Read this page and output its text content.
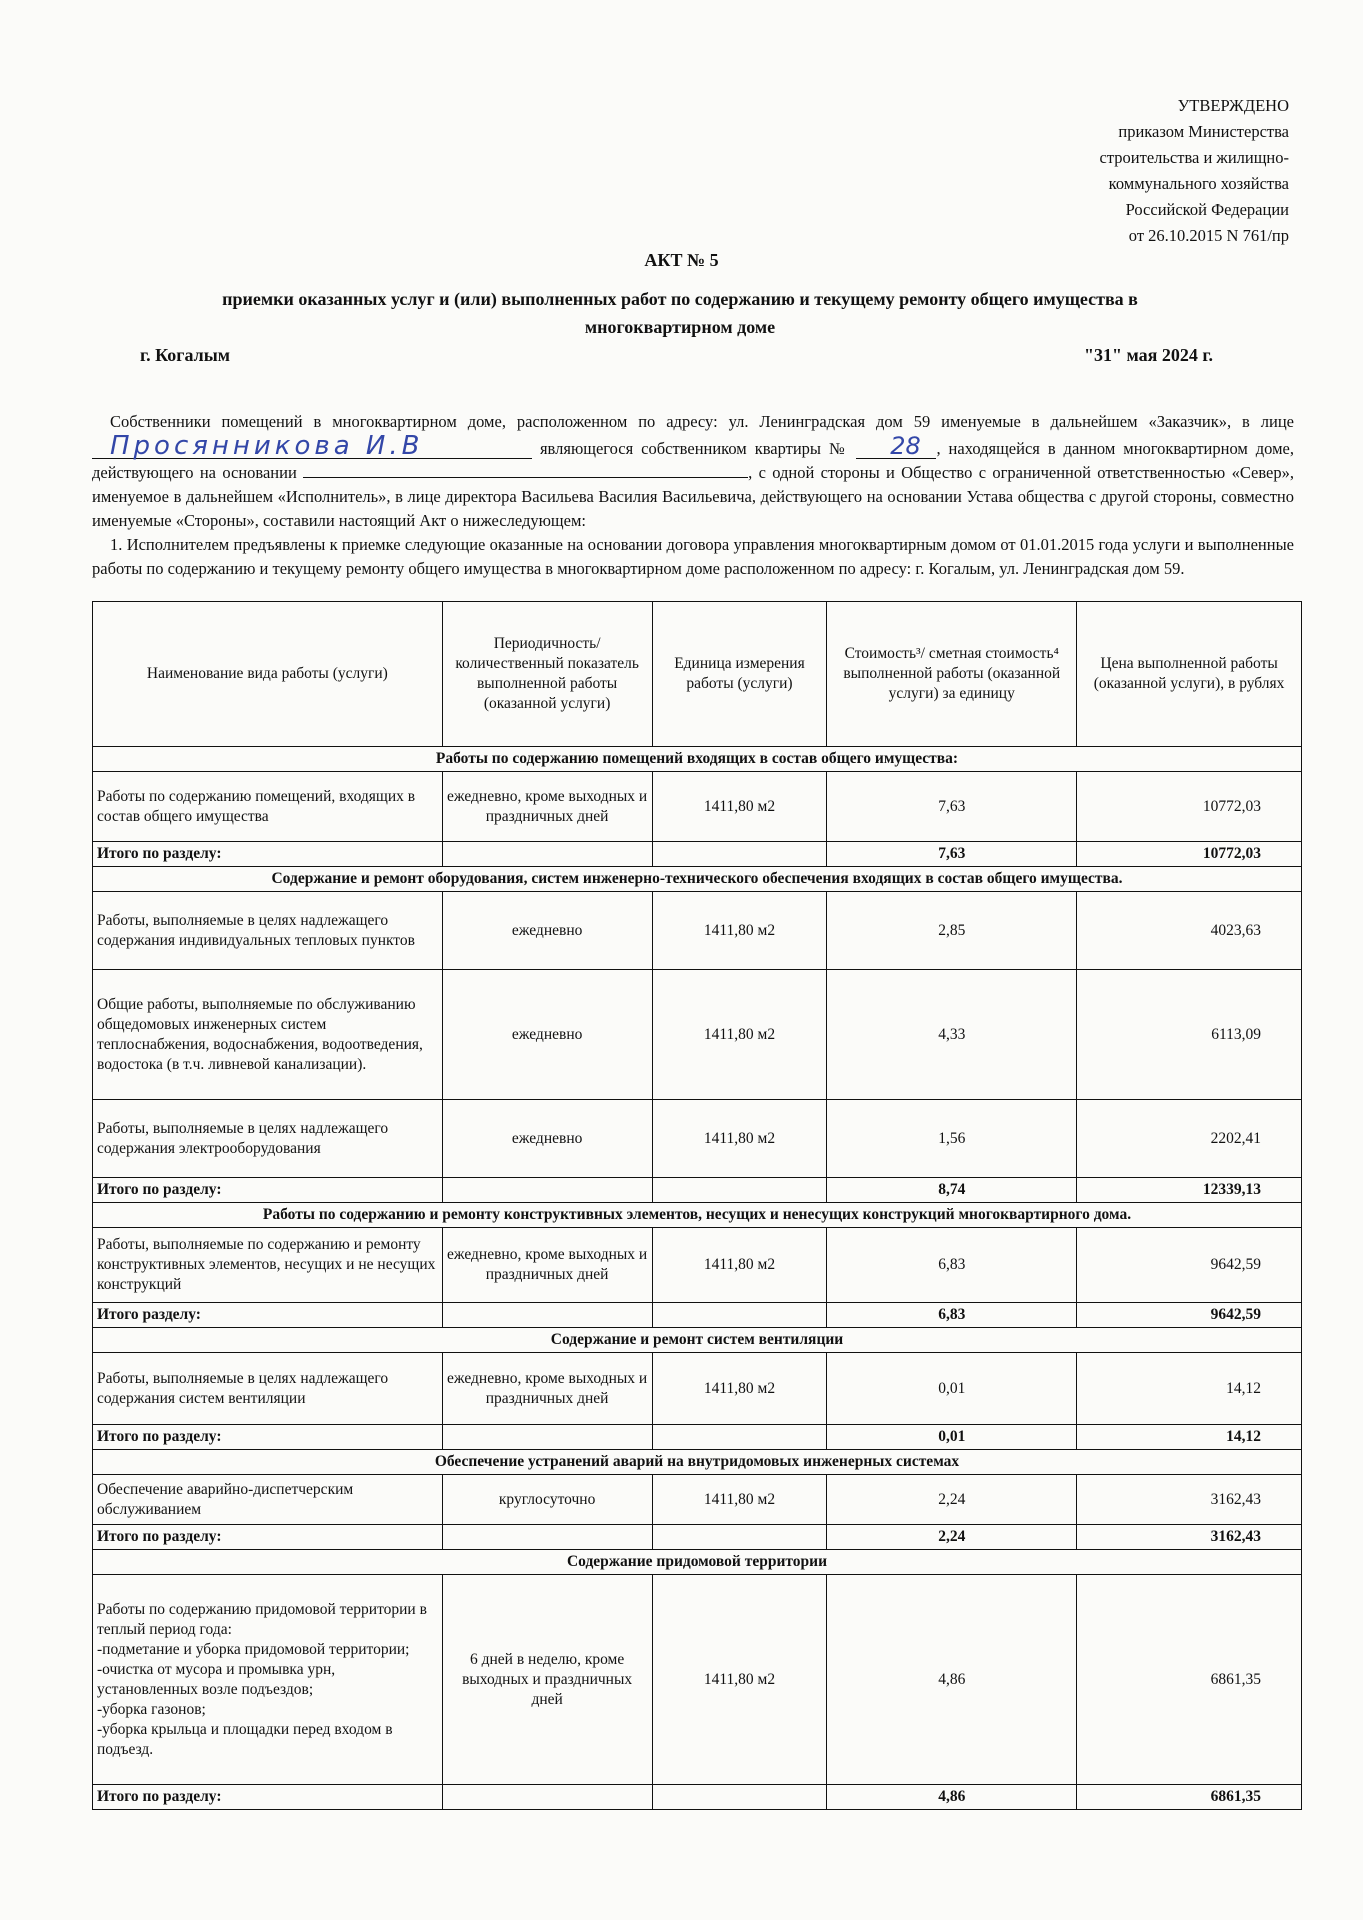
УТВЕРЖДЕНО
приказом Министерства
строительства и жилищно-
коммунального хозяйства
Российской Федерации
от 26.10.2015 N 761/пр
АКТ № 5
приемки оказанных услуг и (или) выполненных работ по содержанию и текущему ремонту общего имущества в многоквартирном доме
г. Когалым	"31" мая 2024 г.

Собственники помещений в многоквартирном доме, расположенном по адресу: ул. Ленинградская дом 59 именуемые в дальнейшем «Заказчик», в лице Просянникова И.В	являющегося собственником квартиры № 28 , находящейся в данном многоквартирном доме, действующего на основании	, с одной стороны и Общество с ограниченной ответственностью «Север», именуемое в дальнейшем «Исполнитель», в лице директора Васильева Василия Васильевича, действующего на основании Устава общества с другой стороны, совместно именуемые «Стороны», составили настоящий Акт о нижеследующем:

1. Исполнителем предъявлены к приемке следующие оказанные на основании договора управления многоквартирным домом от 01.01.2015 года услуги и выполненные работы по содержанию и текущему ремонту общего имущества в многоквартирном доме расположенном по адресу: г. Когалым, ул. Ленинградская дом 59.

Наименование вида работы (услуги)	Периодичность/ количественный показатель выполненной работы (оказанной услуги)	Единица измерения работы (услуги)	Стоимость³/ сметная стоимость⁴ выполненной работы (оказанной услуги) за единицу	Цена выполненной работы (оказанной услуги), в рублях
Работы по содержанию помещений входящих в состав общего имущества:				
Работы по содержанию помещений, входящих в состав общего имущества	ежедневно, кроме выходных и праздничных дней	1411,80 м2	7,63	10772,03
Итого по разделу:			7,63	10772,03
Содержание и ремонт оборудования, систем инженерно-технического обеспечения входящих в состав общего имущества.				
Работы, выполняемые в целях надлежащего содержания индивидуальных тепловых пунктов	ежедневно	1411,80 м2	2,85	4023,63
Общие работы, выполняемые по обслуживанию общедомовых инженерных систем теплоснабжения, водоснабжения, водоотведения, водостока (в т.ч. ливневой канализации).	ежедневно	1411,80 м2	4,33	6113,09
Работы, выполняемые в целях надлежащего содержания электрооборудования	ежедневно	1411,80 м2	1,56	2202,41
Итого по разделу:			8,74	12339,13
Работы по содержанию и ремонту конструктивных элементов, несущих и ненесущих конструкций многоквартирного дома.				
Работы, выполняемые по содержанию и ремонту конструктивных элементов, несущих и не несущих конструкций	ежедневно, кроме выходных и праздничных дней	1411,80 м2	6,83	9642,59
Итого разделу:			6,83	9642,59
Содержание и ремонт систем вентиляции				
Работы, выполняемые в целях надлежащего содержания систем вентиляции	ежедневно, кроме выходных и праздничных дней	1411,80 м2	0,01	14,12
Итого по разделу:			0,01	14,12
Обеспечение устранений аварий на внутридомовых инженерных системах				
Обеспечение аварийно-диспетчерским обслуживанием	круглосуточно	1411,80 м2	2,24	3162,43
Итого по разделу:			2,24	3162,43
Содержание придомовой территории				
Работы по содержанию придомовой территории в теплый период года:
-подметание и уборка придомовой территории;
-очистка от мусора и промывка урн, установленных возле подъездов;
-уборка газонов;
-уборка крыльца и площадки перед входом в подъезд.	6 дней в неделю, кроме выходных и праздничных дней	1411,80 м2	4,86	6861,35
Итого по разделу:			4,86	6861,35
